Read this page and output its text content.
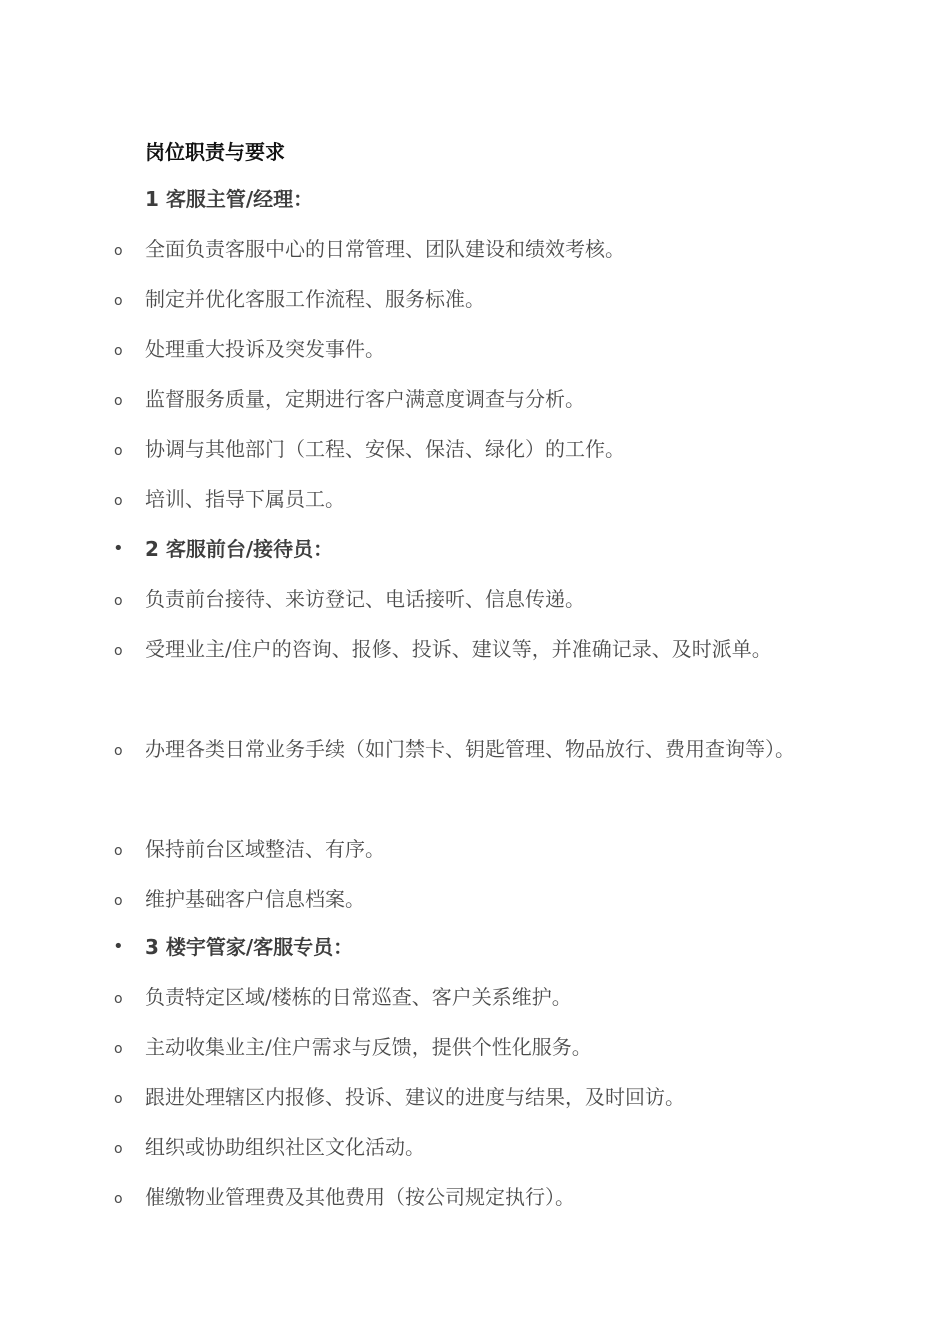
岗位职责与要求
1 客服主管/经理：
o 全面负责客服中心的日常管理、团队建设和绩效考核。
o 制定并优化客服工作流程、服务标准。
o 处理重大投诉及突发事件。
o 监督服务质量，定期进行客户满意度调查与分析。
o 协调与其他部门（工程、安保、保洁、绿化）的工作。
o 培训、指导下属员工。
• 2 客服前台/接待员：
o 负责前台接待、来访登记、电话接听、信息传递。
o 受理业主/住户的咨询、报修、投诉、建议等，并准确记录、及时派单。
o 办理各类日常业务手续（如门禁卡、钥匙管理、物品放行、费用查询等）。
o 保持前台区域整洁、有序。
o 维护基础客户信息档案。
• 3 楼宇管家/客服专员：
o 负责特定区域/楼栋的日常巡查、客户关系维护。
o 主动收集业主/住户需求与反馈，提供个性化服务。
o 跟进处理辖区内报修、投诉、建议的进度与结果，及时回访。
o 组织或协助组织社区文化活动。
o 催缴物业管理费及其他费用（按公司规定执行）。
